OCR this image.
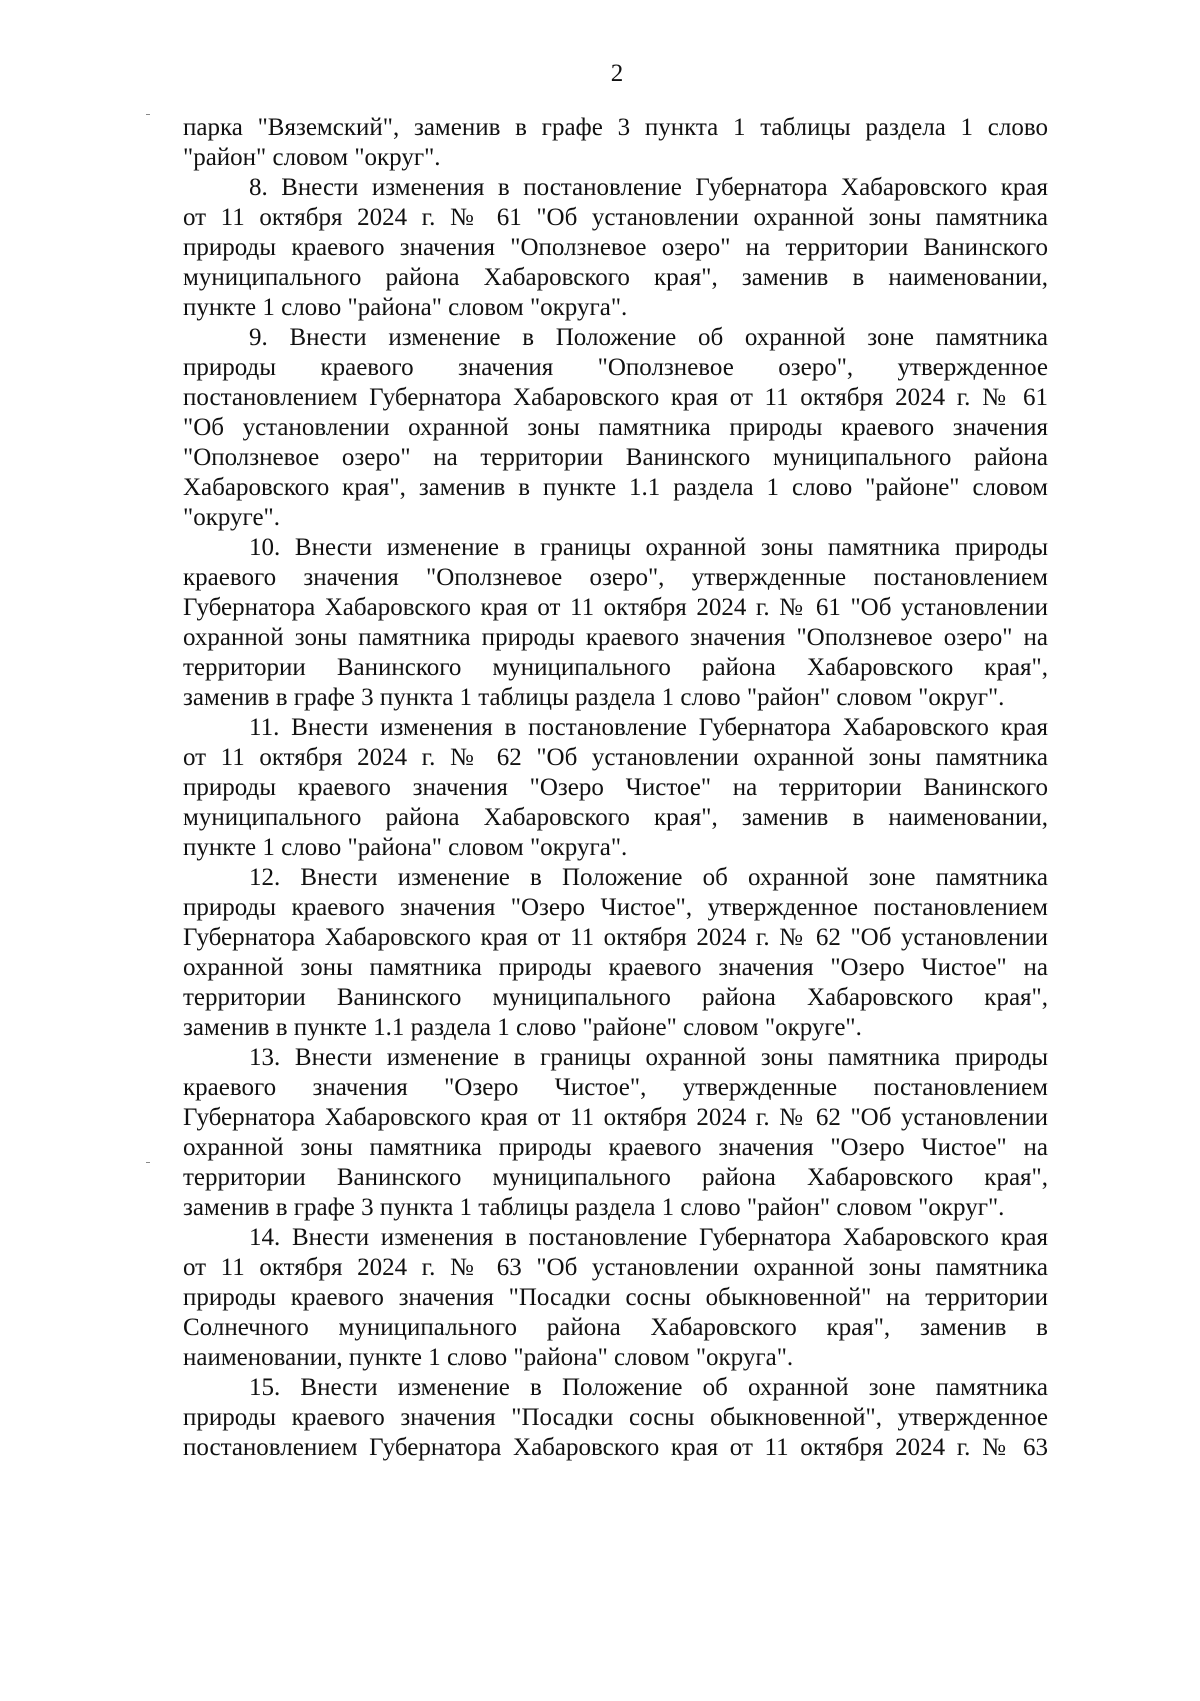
2
парка "Вяземский", заменив в графе 3 пункта 1 таблицы раздела 1 слово
"район" словом "округ".
8. Внести изменения в постановление Губернатора Хабаровского края
от 11 октября 2024 г. № 61 "Об установлении охранной зоны памятника
природы краевого значения "Оползневое озеро" на территории Ванинского
муниципального района Хабаровского края", заменив в наименовании,
пункте 1 слово "района" словом "округа".
9. Внести изменение в Положение об охранной зоне памятника
природы краевого значения "Оползневое озеро", утвержденное
постановлением Губернатора Хабаровского края от 11 октября 2024 г. № 61
"Об установлении охранной зоны памятника природы краевого значения
"Оползневое озеро" на территории Ванинского муниципального района
Хабаровского края", заменив в пункте 1.1 раздела 1 слово "районе" словом
"округе".
10. Внести изменение в границы охранной зоны памятника природы
краевого значения "Оползневое озеро", утвержденные постановлением
Губернатора Хабаровского края от 11 октября 2024 г. № 61 "Об установлении
охранной зоны памятника природы краевого значения "Оползневое озеро" на
территории Ванинского муниципального района Хабаровского края",
заменив в графе 3 пункта 1 таблицы раздела 1 слово "район" словом "округ".
11. Внести изменения в постановление Губернатора Хабаровского края
от 11 октября 2024 г. № 62 "Об установлении охранной зоны памятника
природы краевого значения "Озеро Чистое" на территории Ванинского
муниципального района Хабаровского края", заменив в наименовании,
пункте 1 слово "района" словом "округа".
12. Внести изменение в Положение об охранной зоне памятника
природы краевого значения "Озеро Чистое", утвержденное постановлением
Губернатора Хабаровского края от 11 октября 2024 г. № 62 "Об установлении
охранной зоны памятника природы краевого значения "Озеро Чистое" на
территории Ванинского муниципального района Хабаровского края",
заменив в пункте 1.1 раздела 1 слово "районе" словом "округе".
13. Внести изменение в границы охранной зоны памятника природы
краевого значения "Озеро Чистое", утвержденные постановлением
Губернатора Хабаровского края от 11 октября 2024 г. № 62 "Об установлении
охранной зоны памятника природы краевого значения "Озеро Чистое" на
территории Ванинского муниципального района Хабаровского края",
заменив в графе 3 пункта 1 таблицы раздела 1 слово "район" словом "округ".
14. Внести изменения в постановление Губернатора Хабаровского края
от 11 октября 2024 г. № 63 "Об установлении охранной зоны памятника
природы краевого значения "Посадки сосны обыкновенной" на территории
Солнечного муниципального района Хабаровского края", заменив в
наименовании, пункте 1 слово "района" словом "округа".
15. Внести изменение в Положение об охранной зоне памятника
природы краевого значения "Посадки сосны обыкновенной", утвержденное
постановлением Губернатора Хабаровского края от 11 октября 2024 г. № 63
